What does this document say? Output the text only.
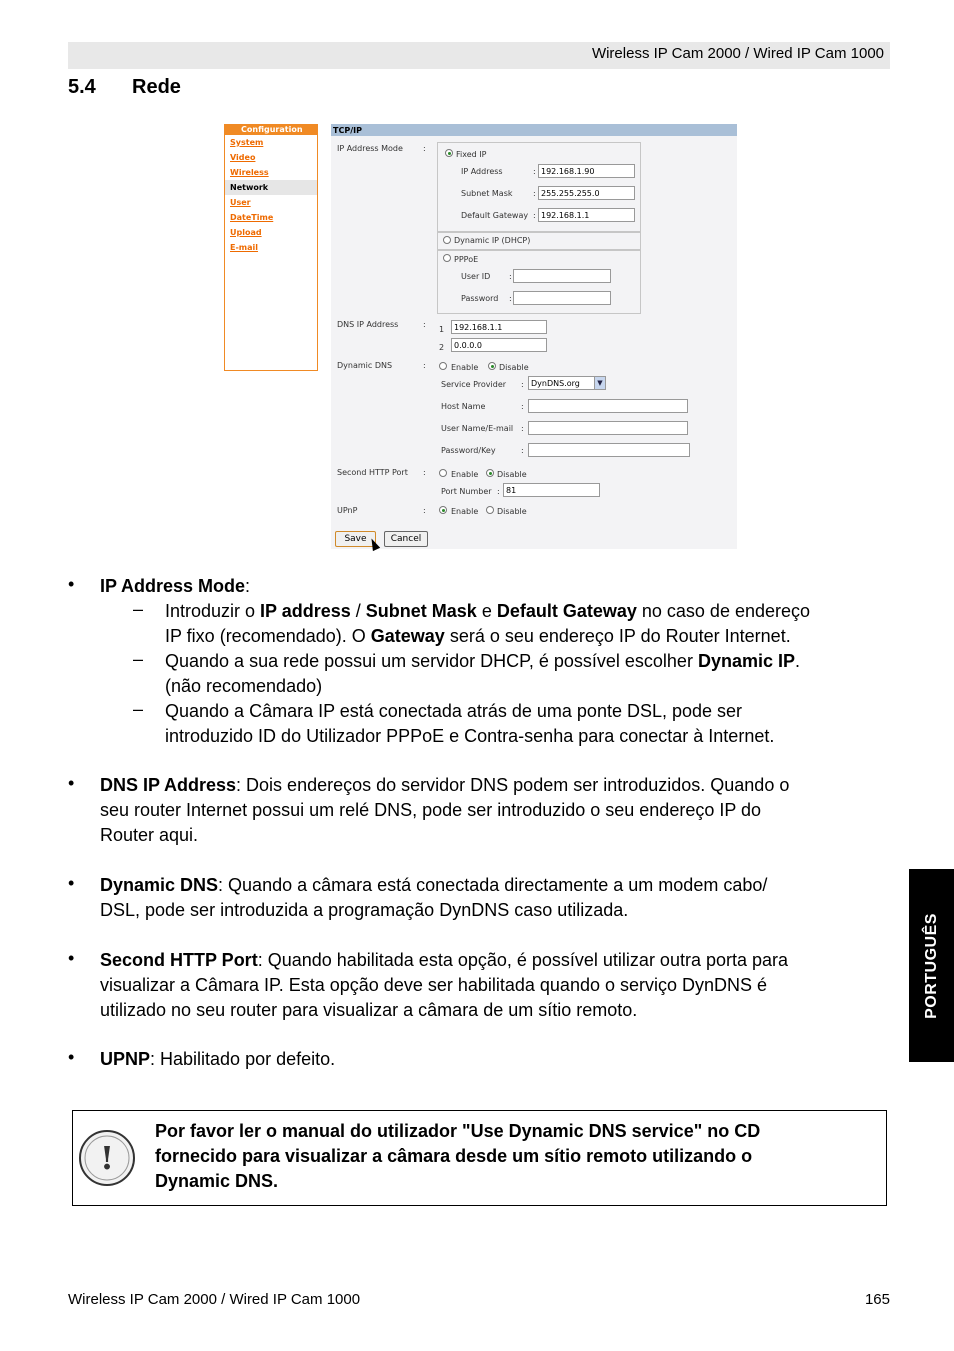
Wireless IP Cam 2000 / Wired IP Cam 1000
5.4 Rede
Configuration
System
Video
Wireless
Network
User
Date​Time
Upload
E-mail
TCP/IP
IP Address Mode	:
Fixed IP
IP Address	: 192.168.1.90
Subnet Mask	: 255.255.255.0
Default Gateway : 192.168.1.1
Dynamic IP (DHCP)
PPPoE
User ID :
Password :
DNS IP Address	:
1	192.168.1.1
2	0.0.0.0
Dynamic DNS	:	Enable	Disable
Service Provider : DynDNS.org	▼
Host Name	:
User Name/E-mail :
Password/Key	:
Second HTTP Port :	Enable Disable
Port Number : 81
UPnP	:	Enable Disable
Save	Cancel
• IP Address Mode:
– Introduzir o IP address / Subnet Mask e Default Gateway no caso de endereço
IP fixo (recomendado). O Gateway será o seu endereço IP do Router Internet.
– Quando a sua rede possui um servidor DHCP, é possível escolher Dynamic IP.
(não recomendado)
– Quando a Câmara IP está conectada atrás de uma ponte DSL, pode ser
introduzido ID do Utilizador PPPoE e Contra-senha para conectar à Internet.
• DNS IP Address: Dois endereços do servidor DNS podem ser introduzidos. Quando o
seu router Internet possui um relé DNS, pode ser introduzido o seu endereço IP do
Router aqui.
• Dynamic DNS: Quando a câmara está conectada directamente a um modem cabo/
DSL, pode ser introduzida a programação DynDNS caso utilizada.
• Second HTTP Port: Quando habilitada esta opção, é possível utilizar outra porta para
visualizar a Câmara IP. Esta opção deve ser habilitada quando o serviço DynDNS é
utilizado no seu router para visualizar a câmara de um sítio remoto.
• UPNP: Habilitado por defeito.
!
Por favor ler o manual do utilizador "Use Dynamic DNS service" no CD
fornecido para visualizar a câmara desde um sítio remoto utilizando o
Dynamic DNS.
PORTUGUÊS
Wireless IP Cam 2000 / Wired IP Cam 1000	165
